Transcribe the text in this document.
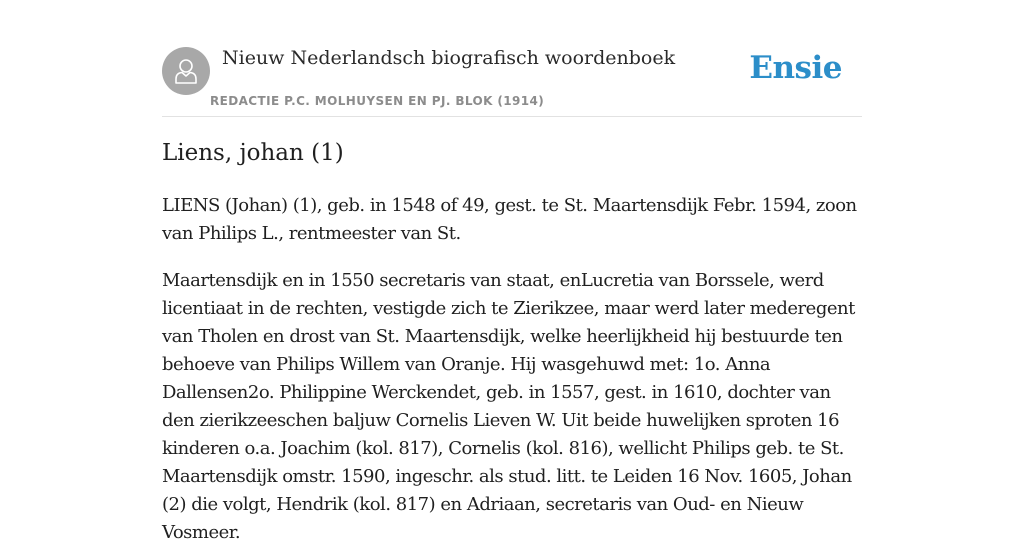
Nieuw Nederlandsch biografisch woordenboek
REDACTIE P.C. MOLHUYSEN EN PJ. BLOK (1914)
Ensie
Liens, johan (1)

LIENS (Johan) (1), geb. in 1548 of 49, gest. te St. Maartensdijk Febr. 1594, zoon van Philips L., rentmeester van St.

Maartensdijk en in 1550 secretaris van staat, enLucretia van Borssele, werd licentiaat in de rechten, vestigde zich te Zierikzee, maar werd later mederegent van Tholen en drost van St. Maartensdijk, welke heerlijkheid hij bestuurde ten behoeve van Philips Willem van Oranje. Hij wasgehuwd met: 1o. Anna Dallensen2o. Philippine Werckendet, geb. in 1557, gest. in 1610, dochter van den zierikzeeschen baljuw Cornelis Lieven W. Uit beide huwelijken sproten 16 kinderen o.a. Joachim (kol. 817), Cornelis (kol. 816), wellicht Philips geb. te St. Maartensdijk omstr. 1590, ingeschr. als stud. litt. te Leiden 16 Nov. 1605, Johan (2) die volgt, Hendrik (kol. 817) en Adriaan, secretaris van Oud- en Nieuw Vosmeer.
